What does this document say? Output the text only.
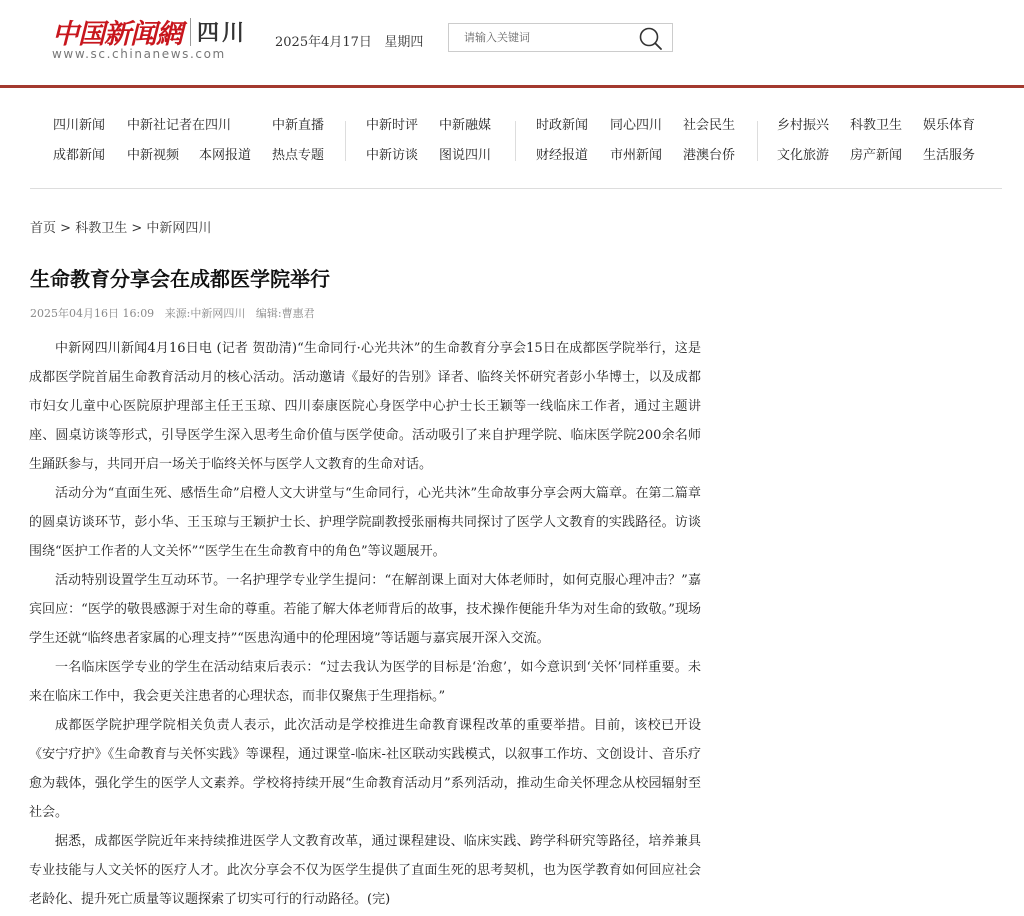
中国新闻網 四川
www.sc.chinanews.com
2025年4月17日 星期四
请输入关键词
四川新闻 中新社记者在四川	中新直播	中新时评 中新融媒	时政新闻 同心四川 社会民生	乡村振兴 科教卫生 娱乐体育
成都新闻 中新视频 本网报道 热点专题	中新访谈 图说四川	财经报道 市州新闻 港澳台侨	文化旅游 房产新闻 生活服务
首页 > 科教卫生 > 中新网四川
生命教育分享会在成都医学院举行
2025年04月16日 16:09 来源:中新网四川 编辑:曹惠君

中新网四川新闻4月16日电 (记者 贺劭清)“生命同行·心光共沐”的生命教育分享会15日在成都医学院举行，这是成都医学院首届生命教育活动月的核心活动。活动邀请《最好的告别》译者、临终关怀研究者彭小华博士，以及成都市妇女儿童中心医院原护理部主任王玉琼、四川泰康医院心身医学中心护士长王颖等一线临床工作者，通过主题讲座、圆桌访谈等形式，引导医学生深入思考生命价值与医学使命。活动吸引了来自护理学院、临床医学院200余名师生踊跃参与，共同开启一场关于临终关怀与医学人文教育的生命对话。

活动分为“直面生死、感悟生命”启橙人文大讲堂与“生命同行，心光共沐”生命故事分享会两大篇章。在第二篇章的圆桌访谈环节，彭小华、王玉琼与王颖护士长、护理学院副教授张丽梅共同探讨了医学人文教育的实践路径。访谈围绕“医护工作者的人文关怀”“医学生在生命教育中的角色”等议题展开。

活动特别设置学生互动环节。一名护理学专业学生提问：“在解剖课上面对大体老师时，如何克服心理冲击？”嘉宾回应：“医学的敬畏感源于对生命的尊重。若能了解大体老师背后的故事，技术操作便能升华为对生命的致敬。”现场学生还就“临终患者家属的心理支持”“医患沟通中的伦理困境”等话题与嘉宾展开深入交流。

一名临床医学专业的学生在活动结束后表示：“过去我认为医学的目标是‘治愈’，如今意识到‘关怀’同样重要。未来在临床工作中，我会更关注患者的心理状态，而非仅聚焦于生理指标。”

成都医学院护理学院相关负责人表示，此次活动是学校推进生命教育课程改革的重要举措。目前，该校已开设《安宁疗护》《生命教育与关怀实践》等课程，通过课堂-临床-社区联动实践模式，以叙事工作坊、文创设计、音乐疗愈为载体，强化学生的医学人文素养。学校将持续开展“生命教育活动月”系列活动，推动生命关怀理念从校园辐射至社会。

据悉，成都医学院近年来持续推进医学人文教育改革，通过课程建设、临床实践、跨学科研究等路径，培养兼具专业技能与人文关怀的医疗人才。此次分享会不仅为医学生提供了直面生死的思考契机，也为医学教育如何回应社会老龄化、提升死亡质量等议题探索了切实可行的行动路径。(完)
